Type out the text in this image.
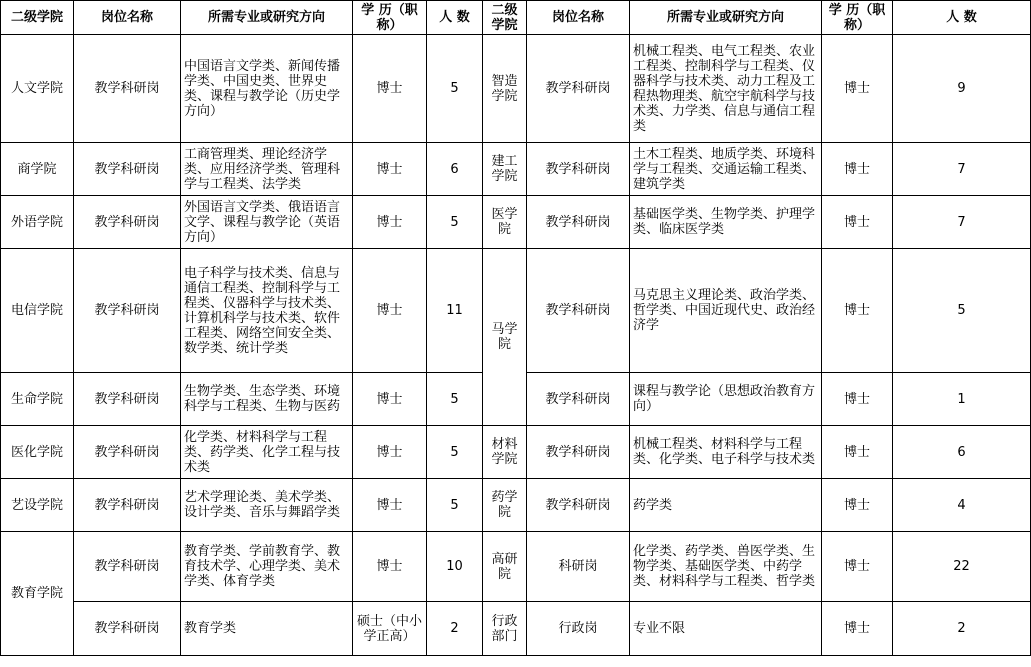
二级学院	岗位名称	所需专业或研究方向	学 历（职称）	人 数	二级学院	岗位名称	所需专业或研究方向	学 历（职称）	人 数
人文学院	教学科研岗	中国语言文学类、新闻传播学类、中国史类、世界史类、课程与教学论（历史学方向）	博士	5	智造学院	教学科研岗	机械工程类、电气工程类、农业工程类、控制科学与工程类、仪器科学与技术类、动力工程及工程热物理类、航空宇航科学与技术类、力学类、信息与通信工程类	博士	9
商学院	教学科研岗	工商管理类、理论经济学类、应用经济学类、管理科学与工程类、法学类	博士	6	建工学院	教学科研岗	土木工程类、地质学类、环境科学与工程类、交通运输工程类、建筑学类	博士	7
外语学院	教学科研岗	外国语言文学类、俄语语言文学、课程与教学论（英语方向）	博士	5	医学院	教学科研岗	基础医学类、生物学类、护理学类、临床医学类	博士	7
电信学院	教学科研岗	电子科学与技术类、信息与通信工程类、控制科学与工程类、仪器科学与技术类、计算机科学与技术类、软件工程类、网络空间安全类、数学类、统计学类	博士	11	马学院	教学科研岗	马克思主义理论类、政治学类、哲学类、中国近现代史、政治经济学	博士	5
生命学院	教学科研岗	生物学类、生态学类、环境科学与工程类、生物与医药	博士	5		教学科研岗	课程与教学论（思想政治教育方向）	博士	1
医化学院	教学科研岗	化学类、材料科学与工程类、药学类、化学工程与技术类	博士	5	材料学院	教学科研岗	机械工程类、材料科学与工程类、化学类、电子科学与技术类	博士	6
艺设学院	教学科研岗	艺术学理论类、美术学类、设计学类、音乐与舞蹈学类	博士	5	药学院	教学科研岗	药学类	博士	4
教育学院	教学科研岗	教育学类、学前教育学、教育技术学、心理学类、美术学类、体育学类	博士	10	高研院	科研岗	化学类、药学类、兽医学类、生物学类、基础医学类、中药学类、材料科学与工程类、哲学类	博士	22
	教学科研岗	教育学类	硕士（中小学正高）	2	行政部门	行政岗	专业不限	博士	2
